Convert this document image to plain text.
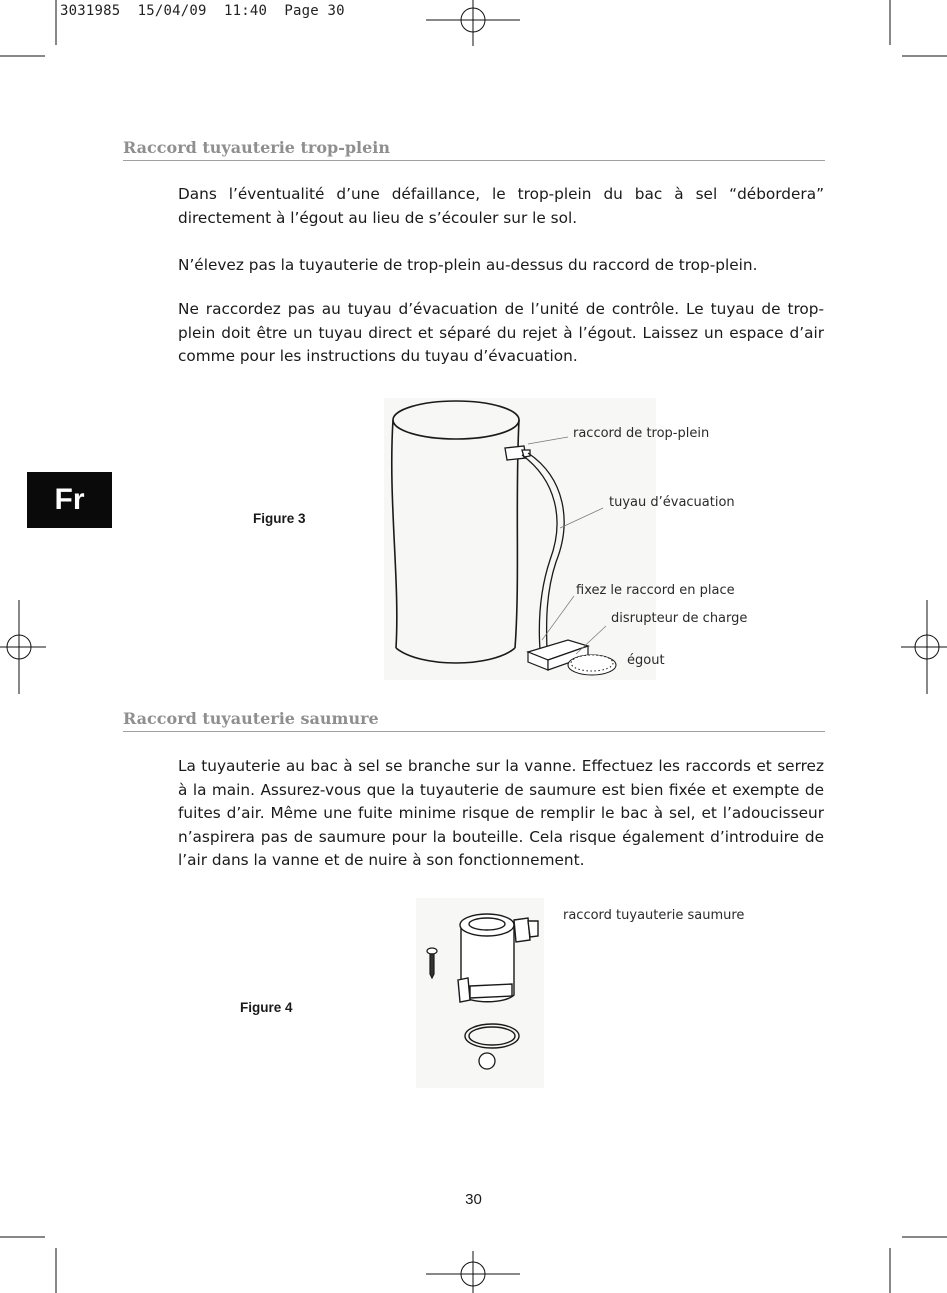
3031985  15/04/09  11:40  Page 30
Raccord tuyauterie trop-plein

Dans l’éventualité d’une défaillance, le trop-plein du bac à sel “débordera” directement à l’égout au lieu de s’écouler sur le sol.

N’élevez pas la tuyauterie de trop-plein au-dessus du raccord de trop-plein.

Ne raccordez pas au tuyau d’évacuation de l’unité de contrôle. Le tuyau de trop-plein doit être un tuyau direct et séparé du rejet à l’égout. Laissez un espace d’air comme pour les instructions du tuyau d’évacuation.

Fr
Figure 3
raccord de trop-plein
tuyau d’évacuation
fixez le raccord en place
disrupteur de charge
égout
Raccord tuyauterie saumure

La tuyauterie au bac à sel se branche sur la vanne. Effectuez les raccords et serrez à la main. Assurez-vous que la tuyauterie de saumure est bien fixée et exempte de fuites d’air. Même une fuite minime risque de remplir le bac à sel, et l’adoucisseur n’aspirera pas de saumure pour la bouteille. Cela risque également d’introduire de l’air dans la vanne et de nuire à son fonctionnement.

Figure 4
raccord tuyauterie saumure
30
